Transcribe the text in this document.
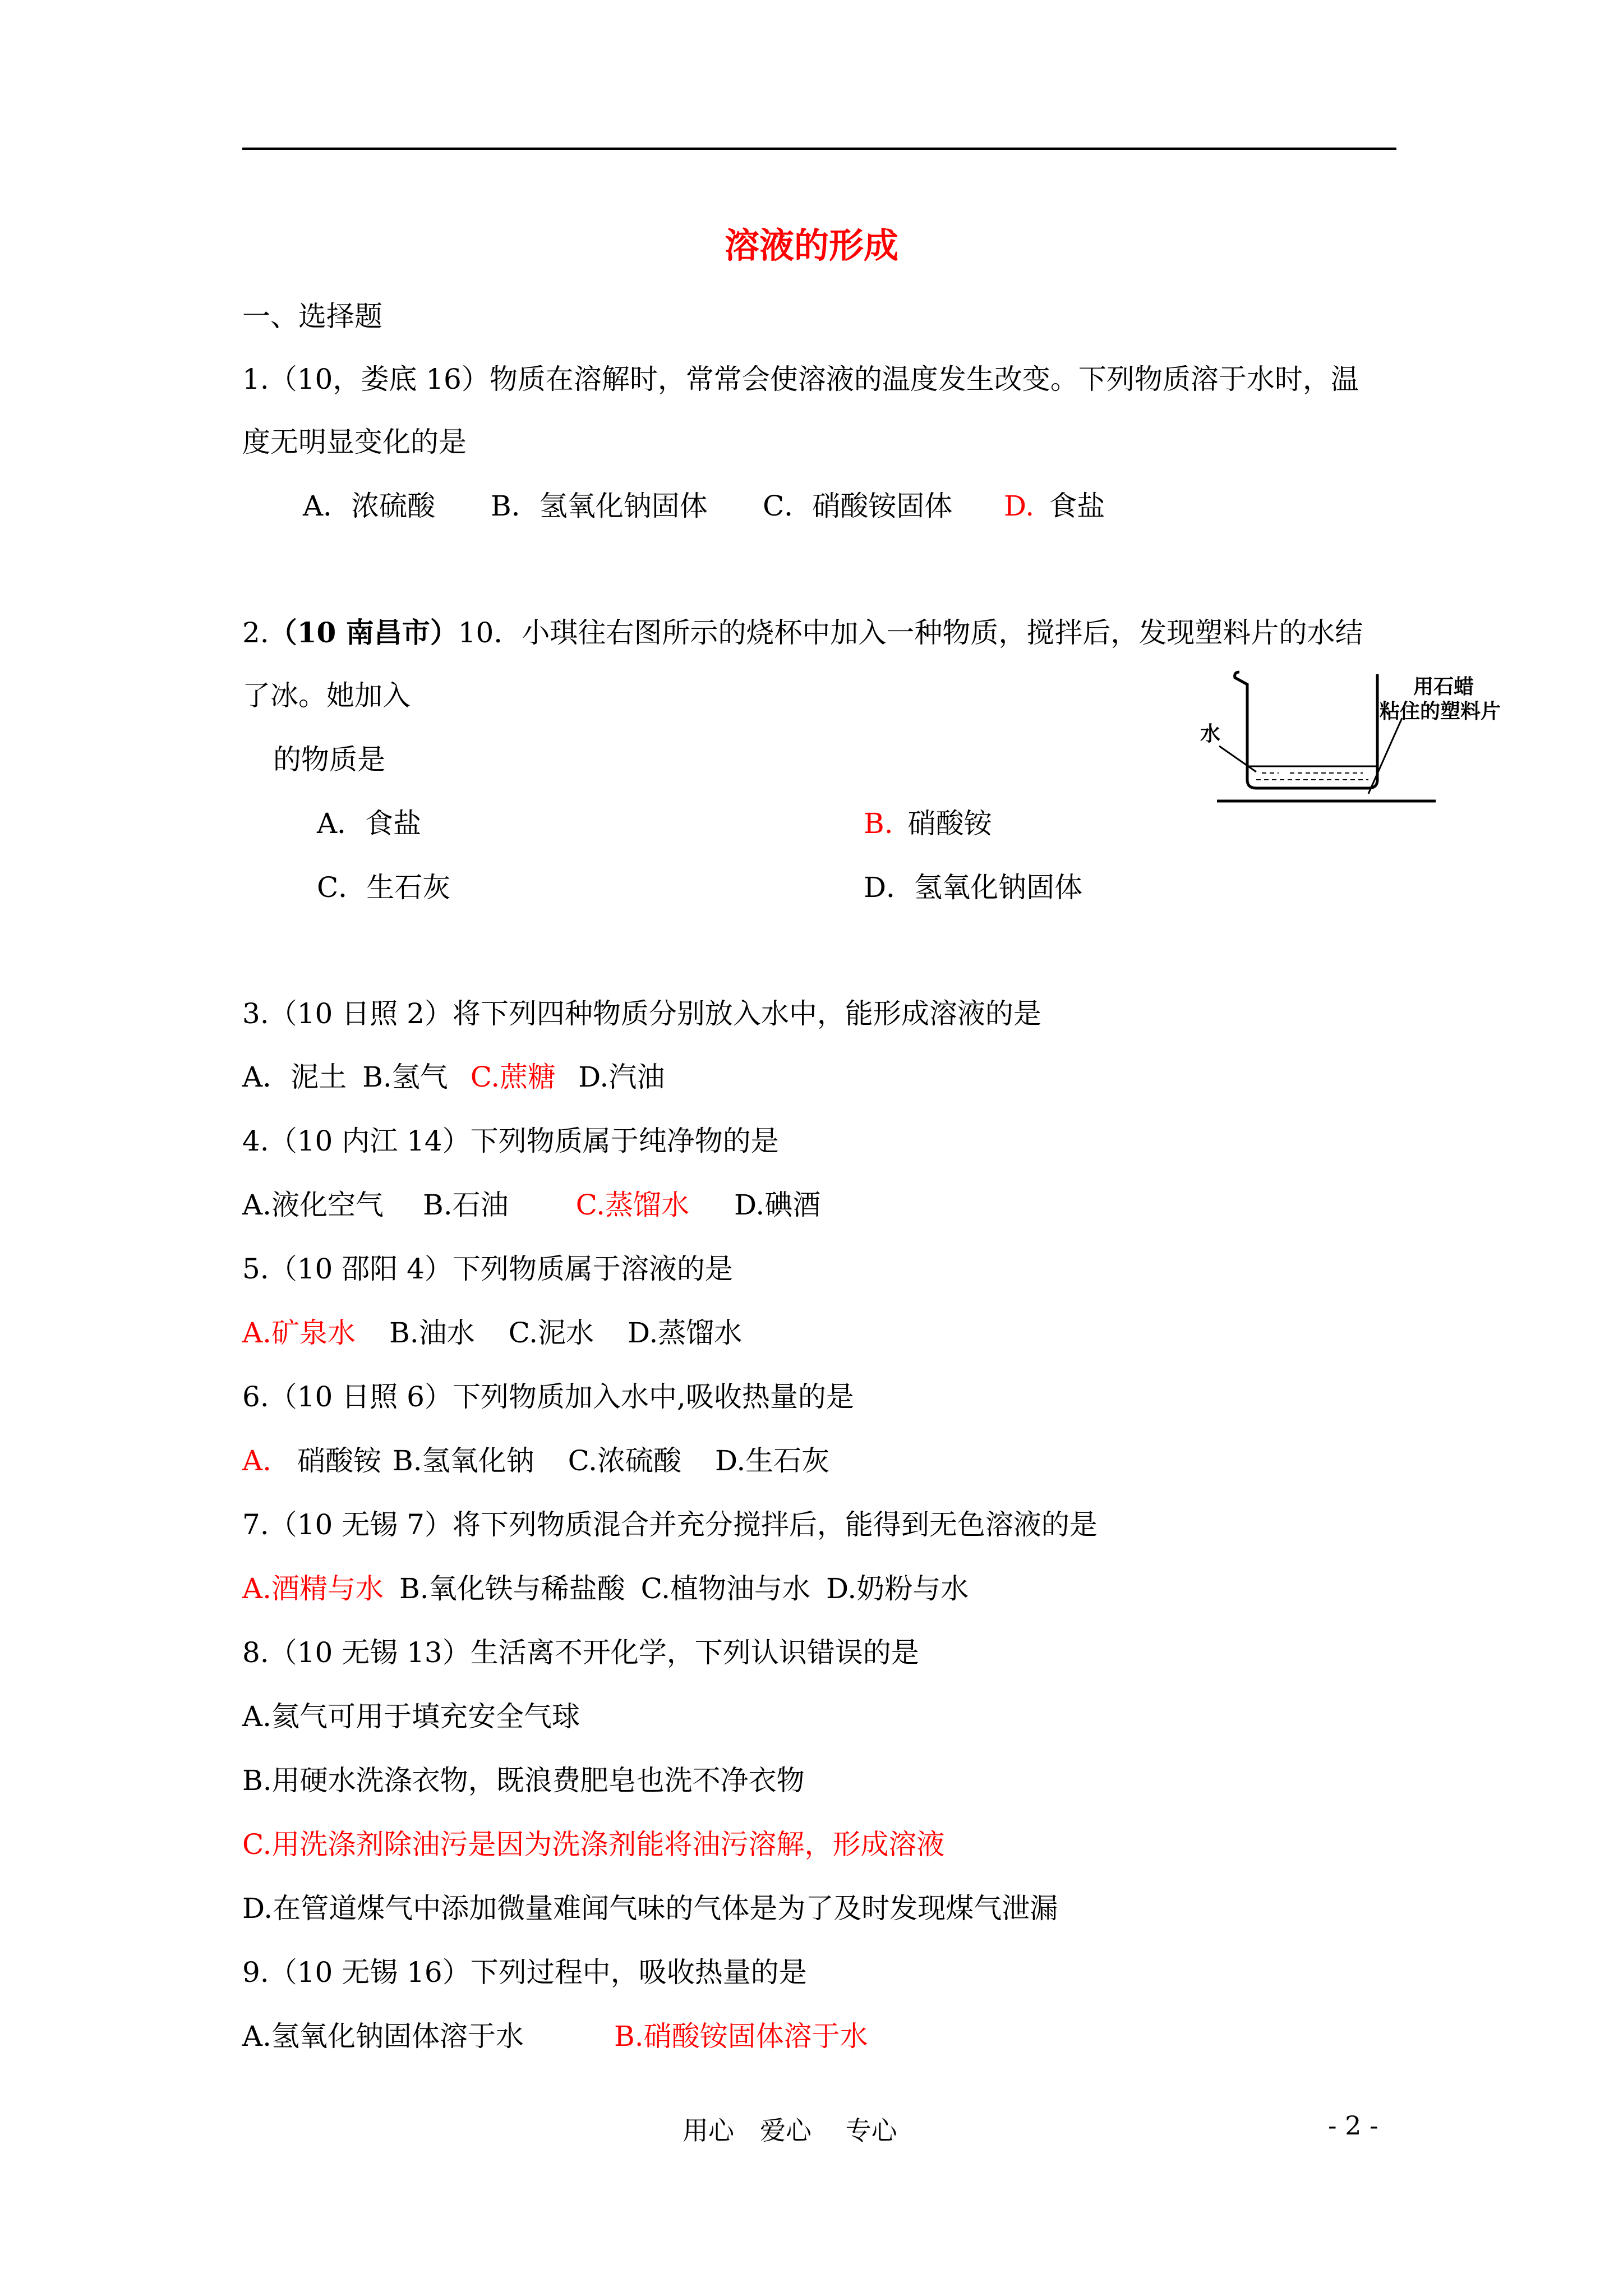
溶液的形成
一、选择题
1.（10，娄底 16）物质在溶解时，常常会使溶液的温度发生改变。下列物质溶于水时，温
度无明显变化的是
A．浓硫酸 B．氢氧化钠固体 C．硝酸铵固体 D. 食盐
2.（10 南昌市）10．小琪往右图所示的烧杯中加入一种物质，搅拌后，发现塑料片的水结
了冰。她加入
的物质是
A．食盐	B. 硝酸铵
C．生石灰	D．氢氧化钠固体
水
用石蜡
粘住的塑料片
3.（10 日照 2）将下列四种物质分别放入水中，能形成溶液的是
A．泥土 B.氢气 C.蔗糖 D.汽油
4.（10 内江 14）下列物质属于纯净物的是
A.液化空气 B.石油 C.蒸馏水 D.碘酒
5.（10 邵阳 4）下列物质属于溶液的是
A.矿泉水 B.油水 C.泥水 D.蒸馏水
6.（10 日照 6）下列物质加入水中,吸收热量的是
A. 硝酸铵 B.氢氧化钠 C.浓硫酸 D.生石灰
7.（10 无锡 7）将下列物质混合并充分搅拌后，能得到无色溶液的是
A.酒精与水 B.氧化铁与稀盐酸 C.植物油与水 D.奶粉与水
8.（10 无锡 13）生活离不开化学，下列认识错误的是
A.氦气可用于填充安全气球
B.用硬水洗涤衣物，既浪费肥皂也洗不净衣物
C.用洗涤剂除油污是因为洗涤剂能将油污溶解，形成溶液
D.在管道煤气中添加微量难闻气味的气体是为了及时发现煤气泄漏
9.（10 无锡 16）下列过程中，吸收热量的是
A.氢氧化钠固体溶于水	B.硝酸铵固体溶于水
用心　爱心　 专心	- 2 -
